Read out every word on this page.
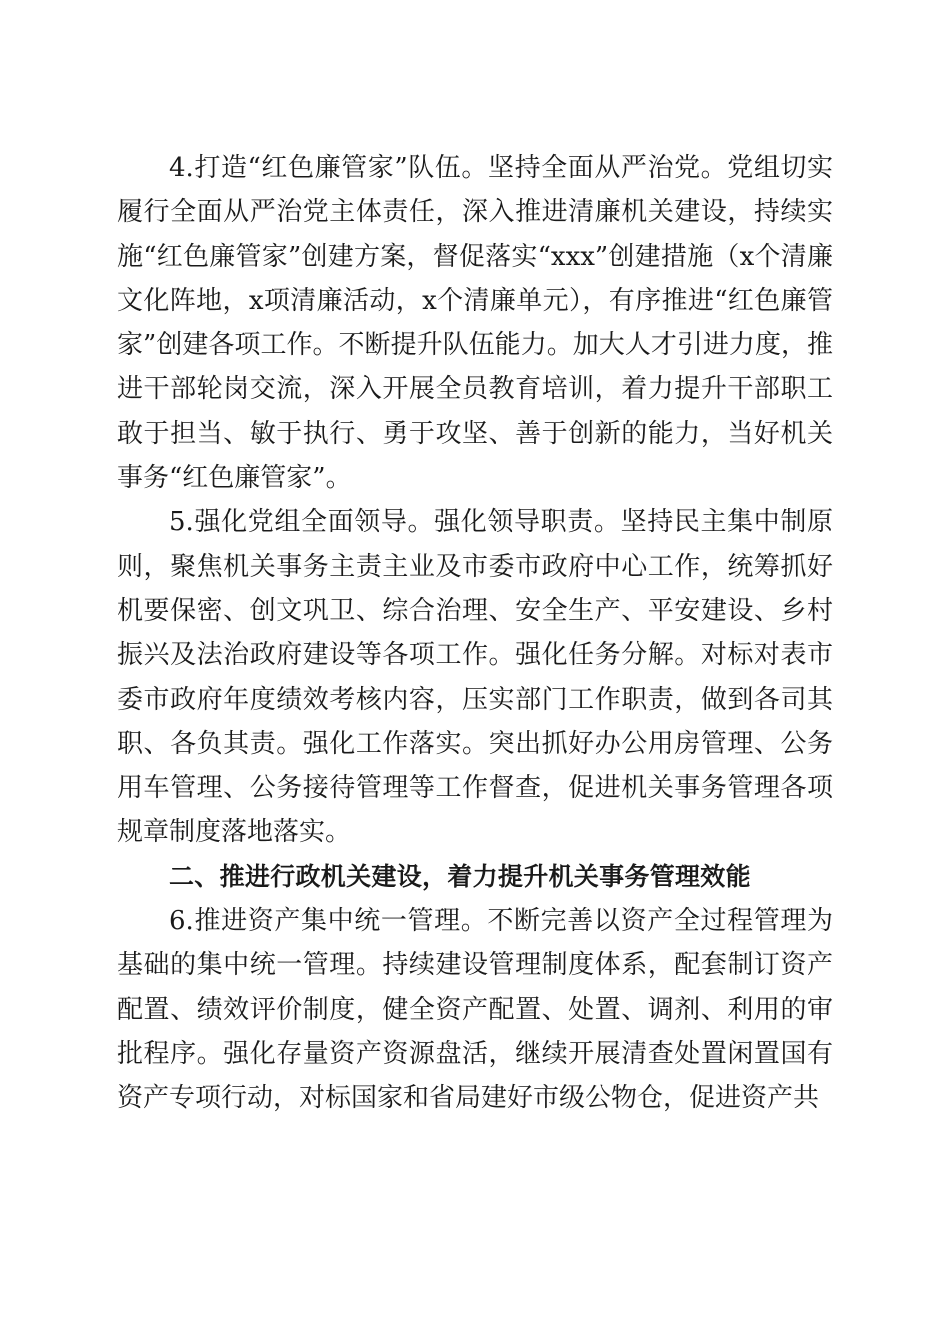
4.打造“红色廉管家”队伍。坚持全面从严治党。党组切实履行全面从严治党主体责任，深入推进清廉机关建设，持续实施“红色廉管家”创建方案，督促落实“xxx”创建措施（x个清廉文化阵地，x项清廉活动，x个清廉单元），有序推进“红色廉管家”创建各项工作。不断提升队伍能力。加大人才引进力度，推进干部轮岗交流，深入开展全员教育培训，着力提升干部职工敢于担当、敏于执行、勇于攻坚、善于创新的能力，当好机关事务“红色廉管家”。

5.强化党组全面领导。强化领导职责。坚持民主集中制原则，聚焦机关事务主责主业及市委市政府中心工作，统筹抓好机要保密、创文巩卫、综合治理、安全生产、平安建设、乡村振兴及法治政府建设等各项工作。强化任务分解。对标对表市委市政府年度绩效考核内容，压实部门工作职责，做到各司其职、各负其责。强化工作落实。突出抓好办公用房管理、公务用车管理、公务接待管理等工作督查，促进机关事务管理各项规章制度落地落实。

二、推进行政机关建设，着力提升机关事务管理效能

6.推进资产集中统一管理。不断完善以资产全过程管理为基础的集中统一管理。持续建设管理制度体系，配套制订资产配置、绩效评价制度，健全资产配置、处置、调剂、利用的审批程序。强化存量资产资源盘活，继续开展清查处置闲置国有资产专项行动，对标国家和省局建好市级公物仓，促进资产共
